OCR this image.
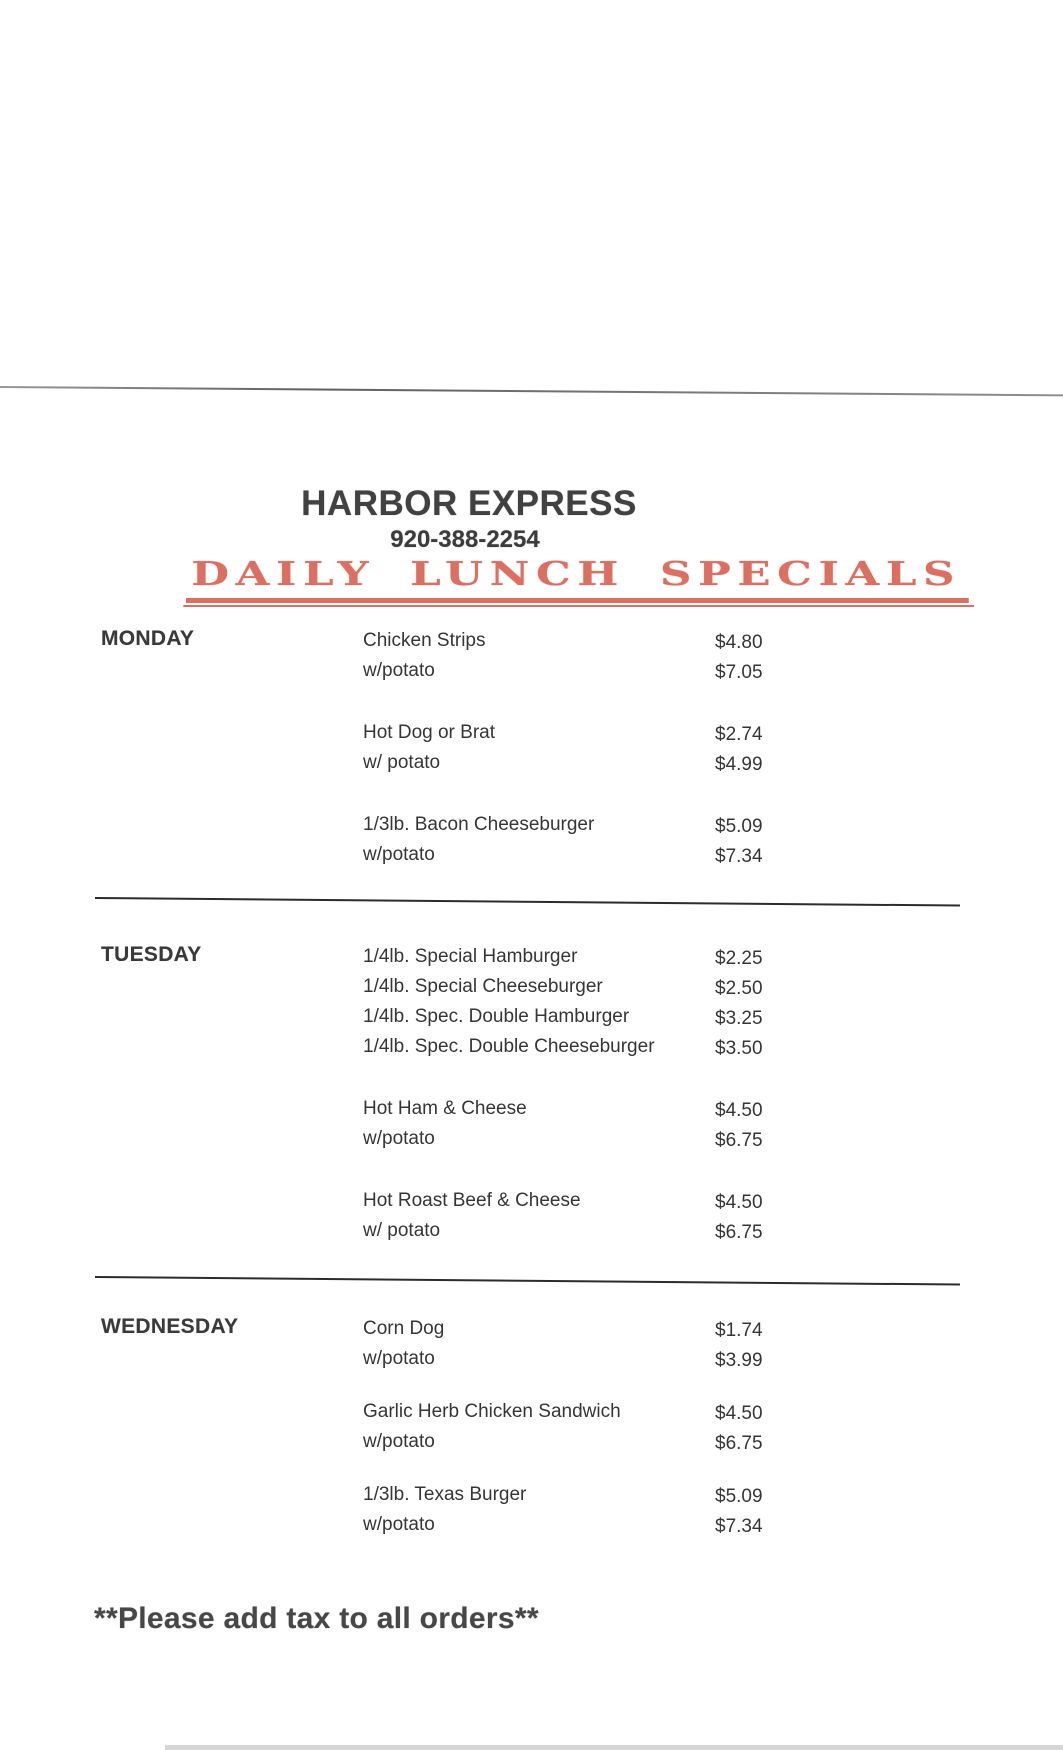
HARBOR EXPRESS
920-388-2254
DAILY LUNCH SPECIALS
MONDAY	Chicken Strips	$4.80
w/potato	$7.05
Hot Dog or Brat	$2.74
w/ potato	$4.99
1/3lb. Bacon Cheeseburger	$5.09
w/potato	$7.34
TUESDAY	1/4lb. Special Hamburger	$2.25
1/4lb. Special Cheeseburger	$2.50
1/4lb. Spec. Double Hamburger	$3.25
1/4lb. Spec. Double Cheeseburger	$3.50
Hot Ham & Cheese	$4.50
w/potato	$6.75
Hot Roast Beef & Cheese	$4.50
w/ potato	$6.75
WEDNESDAY	Corn Dog	$1.74
w/potato	$3.99
Garlic Herb Chicken Sandwich	$4.50
w/potato	$6.75
1/3lb. Texas Burger	$5.09
w/potato	$7.34
**Please add tax to all orders**
